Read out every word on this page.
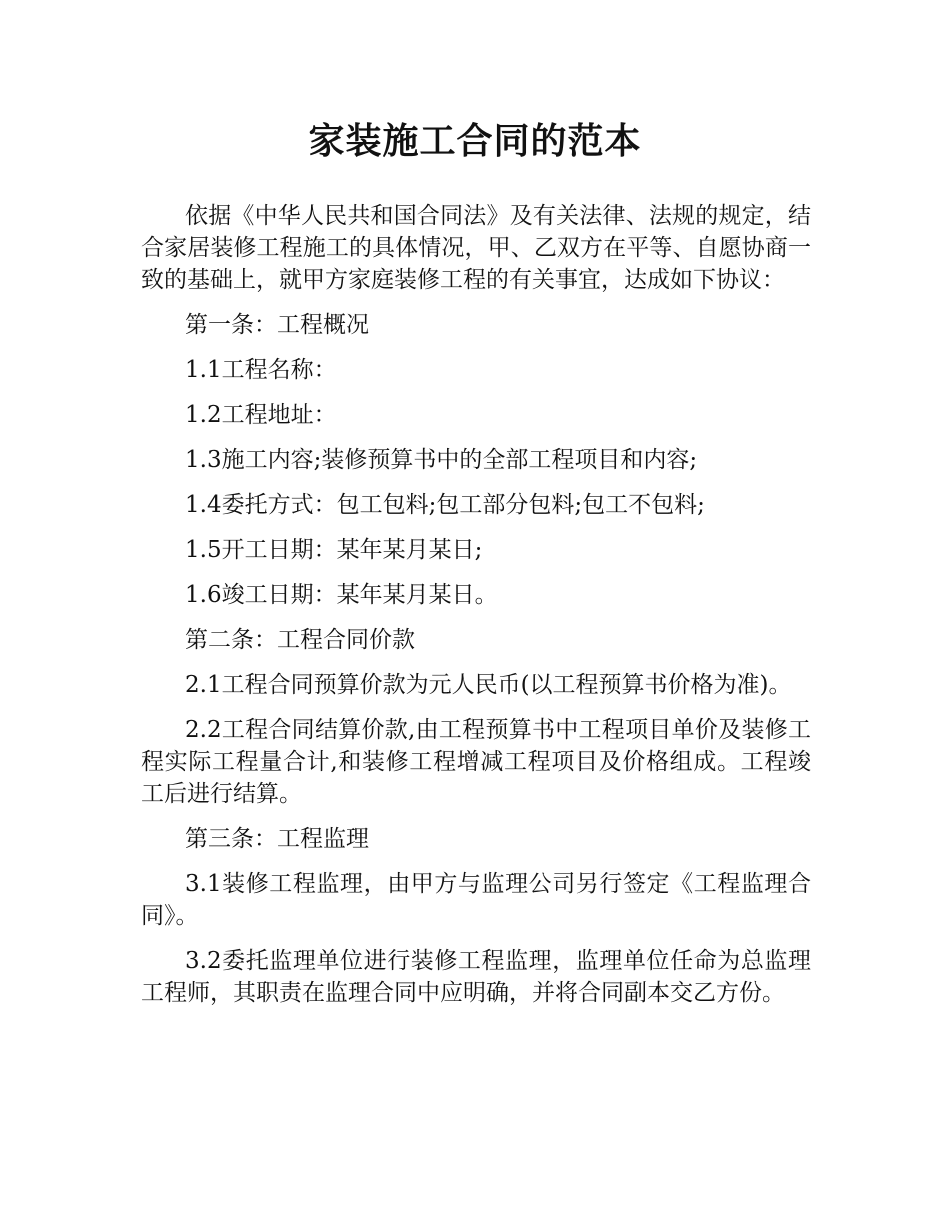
家装施工合同的范本

依据《中华人民共和国合同法》及有关法律、法规的规定，结合家居装修工程施工的具体情况，甲、乙双方在平等、自愿协商一致的基础上，就甲方家庭装修工程的有关事宜，达成如下协议：

第一条：工程概况

1.1工程名称：

1.2工程地址：

1.3施工内容;装修预算书中的全部工程项目和内容;

1.4委托方式：包工包料;包工部分包料;包工不包料;

1.5开工日期：某年某月某日;

1.6竣工日期：某年某月某日。

第二条：工程合同价款

2.1工程合同预算价款为元人民币(以工程预算书价格为准)。

2.2工程合同结算价款,由工程预算书中工程项目单价及装修工程实际工程量合计,和装修工程增减工程项目及价格组成。工程竣工后进行结算。

第三条：工程监理

3.1装修工程监理，由甲方与监理公司另行签定《工程监理合同》。

3.2委托监理单位进行装修工程监理，监理单位任命为总监理工程师，其职责在监理合同中应明确，并将合同副本交乙方份。
